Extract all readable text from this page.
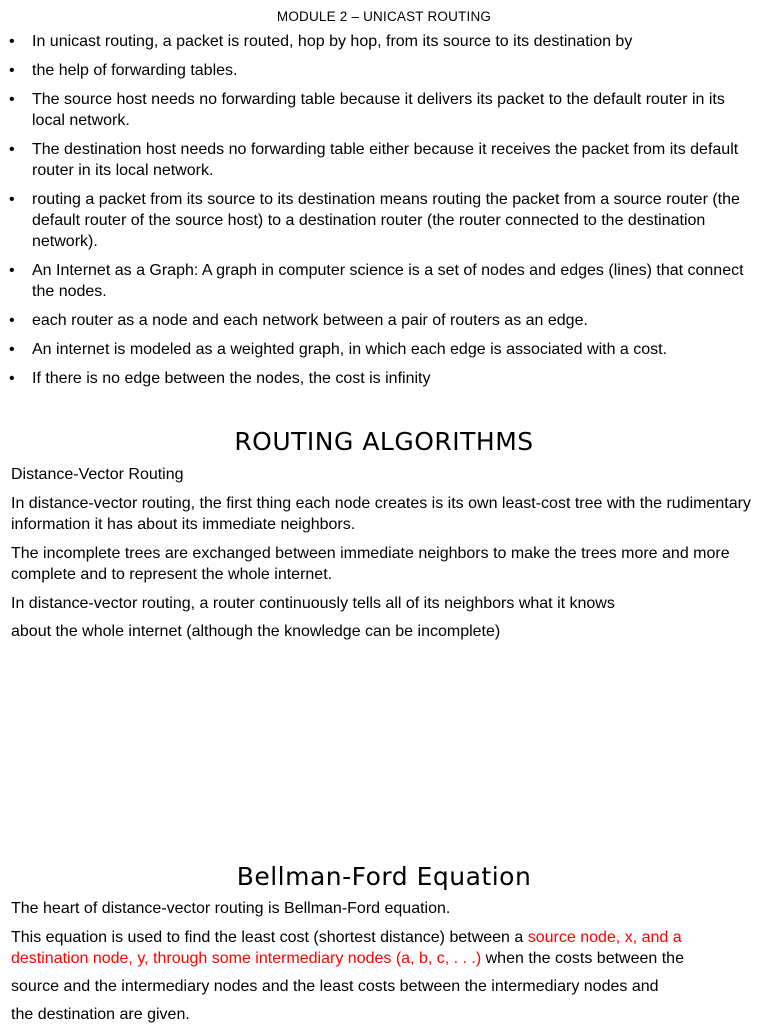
MODULE 2 – UNICAST ROUTING
• In unicast routing, a packet is routed, hop by hop, from its source to its destination by
• the help of forwarding tables.
• The source host needs no forwarding table because it delivers its packet to the default router in its local network.
• The destination host needs no forwarding table either because it receives the packet from its default router in its local network.
• routing a packet from its source to its destination means routing the packet from a source router (the default router of the source host) to a destination router (the router connected to the destination network).
• An Internet as a Graph: A graph in computer science is a set of nodes and edges (lines) that connect the nodes.
• each router as a node and each network between a pair of routers as an edge.
• An internet is modeled as a weighted graph, in which each edge is associated with a cost.
• If there is no edge between the nodes, the cost is infinity
ROUTING ALGORITHMS

Distance-Vector Routing

In distance-vector routing, the first thing each node creates is its own least-cost tree with the rudimentary information it has about its immediate neighbors.

The incomplete trees are exchanged between immediate neighbors to make the trees more and more complete and to represent the whole internet.

In distance-vector routing, a router continuously tells all of its neighbors what it knows

about the whole internet (although the knowledge can be incomplete)

Bellman-Ford Equation

The heart of distance-vector routing is Bellman-Ford equation.

This equation is used to find the least cost (shortest distance) between a source node, x, and a destination node, y, through some intermediary nodes (a, b, c, . . .) when the costs between the

source and the intermediary nodes and the least costs between the intermediary nodes and

the destination are given.
